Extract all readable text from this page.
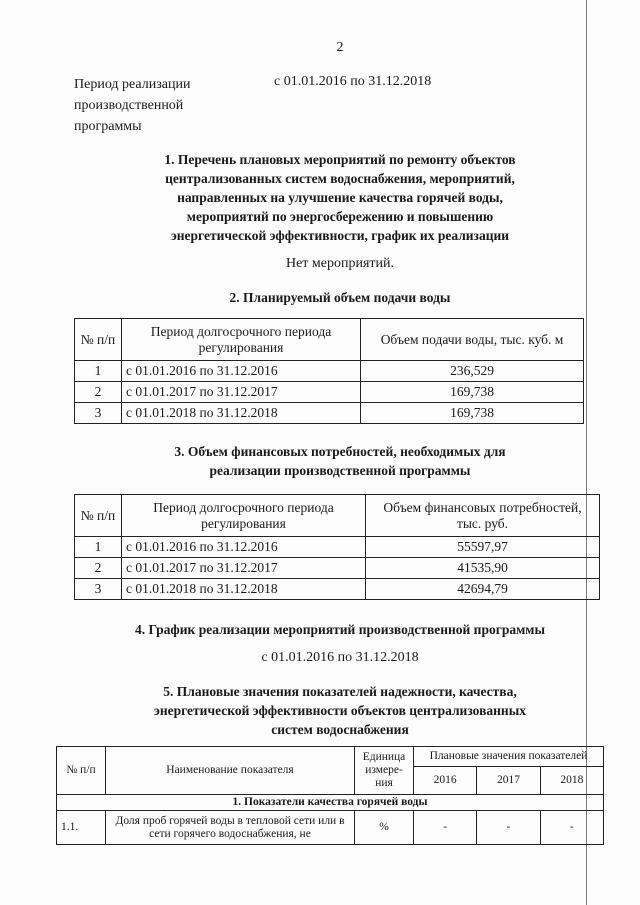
2
Период реализации производственной программы
с 01.01.2016 по 31.12.2018
1. Перечень плановых мероприятий по ремонту объектов
централизованных систем водоснабжения, мероприятий,
направленных на улучшение качества горячей воды,
мероприятий по энергосбережению и повышению
энергетической эффективности, график их реализации
Нет мероприятий.
2. Планируемый объем подачи воды
№ п/п	Период долгосрочного периода регулирования	Объем подачи воды, тыс. куб. м
1	с 01.01.2016 по 31.12.2016	236,529
2	с 01.01.2017 по 31.12.2017	169,738
3	с 01.01.2018 по 31.12.2018	169,738
3. Объем финансовых потребностей, необходимых для
реализации производственной программы
№ п/п	Период долгосрочного периода регулирования	Объем финансовых потребностей, тыс. руб.
1	с 01.01.2016 по 31.12.2016	55597,97
2	с 01.01.2017 по 31.12.2017	41535,90
3	с 01.01.2018 по 31.12.2018	42694,79
4. График реализации мероприятий производственной программы
с 01.01.2016 по 31.12.2018
5. Плановые значения показателей надежности, качества,
энергетической эффективности объектов централизованных
систем водоснабжения
№ п/п	Наименование показателя	Единица измере-ния	Плановые значения показателей		
			2016	2017	2018
1. Показатели качества горячей воды					
1.1.	Доля проб горячей воды в тепловой сети или в сети горячего водоснабжения, не	%	-	-	-
